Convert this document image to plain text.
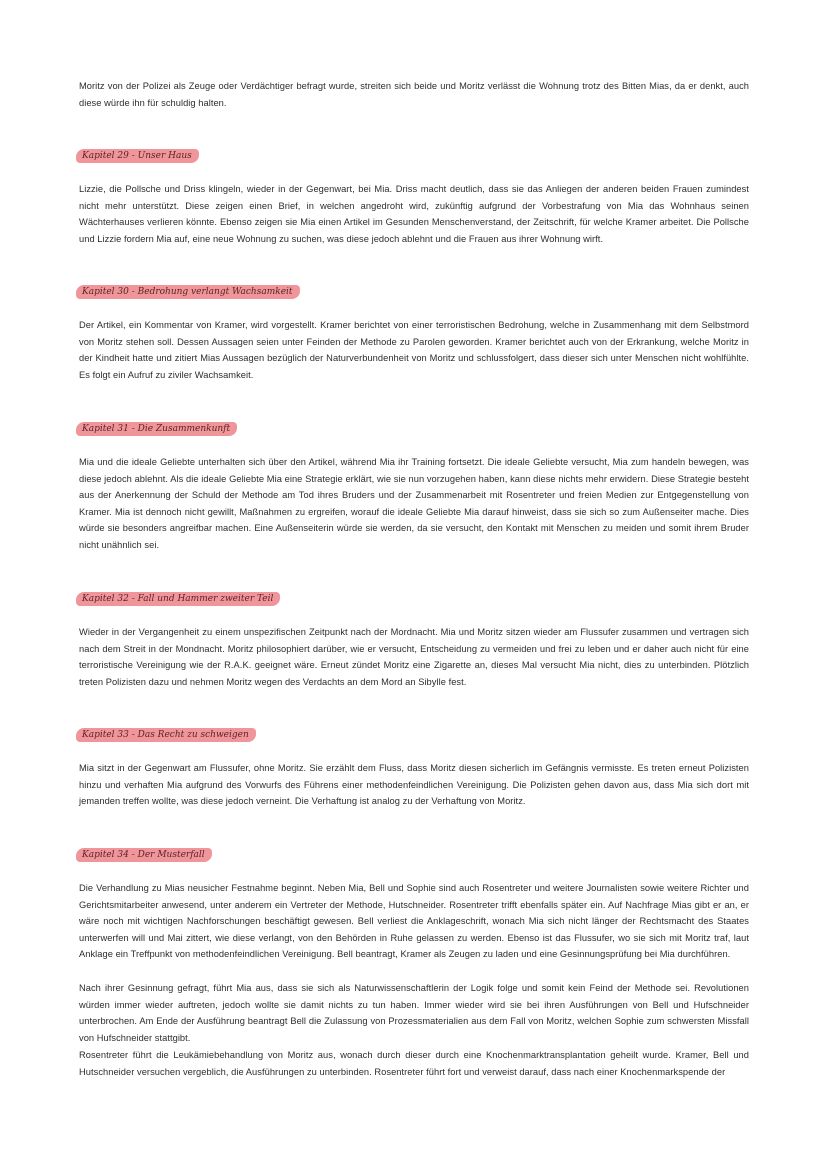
Moritz von der Polizei als Zeuge oder Verdächtiger befragt wurde, streiten sich beide und Moritz verlässt die Wohnung trotz des Bitten Mias, da er denkt, auch diese würde ihn für schuldig halten.

Kapitel 29 - Unser Haus

Lizzie, die Pollsche und Driss klingeln, wieder in der Gegenwart, bei Mia. Driss macht deutlich, dass sie das Anliegen der anderen beiden Frauen zumindest nicht mehr unterstützt. Diese zeigen einen Brief, in welchen angedroht wird, zukünftig aufgrund der Vorbestrafung von Mia das Wohnhaus seinen Wächterhauses verlieren könnte. Ebenso zeigen sie Mia einen Artikel im Gesunden Menschenverstand, der Zeitschrift, für welche Kramer arbeitet. Die Pollsche und Lizzie fordern Mia auf, eine neue Wohnung zu suchen, was diese jedoch ablehnt und die Frauen aus ihrer Wohnung wirft.

Kapitel 30 - Bedrohung verlangt Wachsamkeit

Der Artikel, ein Kommentar von Kramer, wird vorgestellt. Kramer berichtet von einer terroristischen Bedrohung, welche in Zusammenhang mit dem Selbstmord von Moritz stehen soll. Dessen Aussagen seien unter Feinden der Methode zu Parolen geworden. Kramer berichtet auch von der Erkrankung, welche Moritz in der Kindheit hatte und zitiert Mias Aussagen bezüglich der Naturverbundenheit von Moritz und schlussfolgert, dass dieser sich unter Menschen nicht wohlfühlte. Es folgt ein Aufruf zu ziviler Wachsamkeit.

Kapitel 31 - Die Zusammenkunft

Mia und die ideale Geliebte unterhalten sich über den Artikel, während Mia ihr Training fortsetzt. Die ideale Geliebte versucht, Mia zum handeln bewegen, was diese jedoch ablehnt. Als die ideale Geliebte Mia eine Strategie erklärt, wie sie nun vorzugehen haben, kann diese nichts mehr erwidern. Diese Strategie besteht aus der Anerkennung der Schuld der Methode am Tod ihres Bruders und der Zusammenarbeit mit Rosentreter und freien Medien zur Entgegenstellung von Kramer. Mia ist dennoch nicht gewillt, Maßnahmen zu ergreifen, worauf die ideale Geliebte Mia darauf hinweist, dass sie sich so zum Außenseiter mache. Dies würde sie besonders angreifbar machen. Eine Außenseiterin würde sie werden, da sie versucht, den Kontakt mit Menschen zu meiden und somit ihrem Bruder nicht unähnlich sei.

Kapitel 32 - Fall und Hammer zweiter Teil

Wieder in der Vergangenheit zu einem unspezifischen Zeitpunkt nach der Mordnacht. Mia und Moritz sitzen wieder am Flussufer zusammen und vertragen sich nach dem Streit in der Mondnacht. Moritz philosophiert darüber, wie er versucht, Entscheidung zu vermeiden und frei zu leben und er daher auch nicht für eine terroristische Vereinigung wie der R.A.K. geeignet wäre. Erneut zündet Moritz eine Zigarette an, dieses Mal versucht Mia nicht, dies zu unterbinden. Plötzlich treten Polizisten dazu und nehmen Moritz wegen des Verdachts an dem Mord an Sibylle fest.

Kapitel 33 - Das Recht zu schweigen

Mia sitzt in der Gegenwart am Flussufer, ohne Moritz. Sie erzählt dem Fluss, dass Moritz diesen sicherlich im Gefängnis vermisste. Es treten erneut Polizisten hinzu und verhaften Mia aufgrund des Vorwurfs des Führens einer methodenfeindlichen Vereinigung. Die Polizisten gehen davon aus, dass Mia sich dort mit jemanden treffen wollte, was diese jedoch verneint. Die Verhaftung ist analog zu der Verhaftung von Moritz.

Kapitel 34 - Der Musterfall

Die Verhandlung zu Mias neusicher Festnahme beginnt. Neben Mia, Bell und Sophie sind auch Rosentreter und weitere Journalisten sowie weitere Richter und Gerichtsmitarbeiter anwesend, unter anderem ein Vertreter der Methode, Hutschneider. Rosentreter trifft ebenfalls später ein. Auf Nachfrage Mias gibt er an, er wäre noch mit wichtigen Nachforschungen beschäftigt gewesen. Bell verliest die Anklageschrift, wonach Mia sich nicht länger der Rechtsmacht des Staates unterwerfen will und Mai zittert, wie diese verlangt, von den Behörden in Ruhe gelassen zu werden. Ebenso ist das Flussufer, wo sie sich mit Moritz traf, laut Anklage ein Treffpunkt von methodenfeindlichen Vereinigung. Bell beantragt, Kramer als Zeugen zu laden und eine Gesinnungsprüfung bei Mia durchführen.

Nach ihrer Gesinnung gefragt, führt Mia aus, dass sie sich als Naturwissenschaftlerin der Logik folge und somit kein Feind der Methode sei. Revolutionen würden immer wieder auftreten, jedoch wollte sie damit nichts zu tun haben. Immer wieder wird sie bei ihren Ausführungen von Bell und Hufschneider unterbrochen. Am Ende der Ausführung beantragt Bell die Zulassung von Prozessmaterialien aus dem Fall von Moritz, welchen Sophie zum schwersten Missfall von Hufschneider stattgibt.

Rosentreter führt die Leukämiebehandlung von Moritz aus, wonach durch dieser durch eine Knochenmarktransplantation geheilt wurde. Kramer, Bell und Hutschneider versuchen vergeblich, die Ausführungen zu unterbinden. Rosentreter führt fort und verweist darauf, dass nach einer Knochenmarkspende der
